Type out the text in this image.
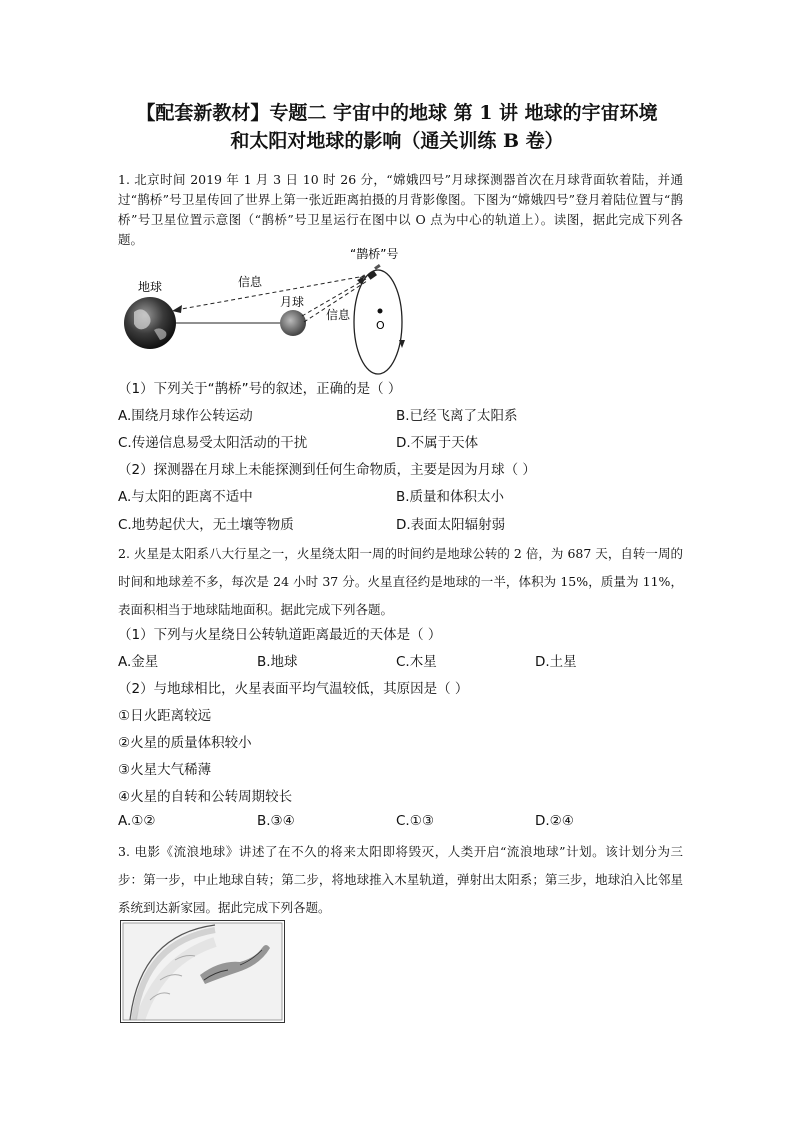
【配套新教材】专题二 宇宙中的地球 第 1 讲 地球的宇宙环境
和太阳对地球的影响（通关训练 B 卷）
1. 北京时间 2019 年 1 月 3 日 10 时 26 分，“嫦娥四号”月球探测器首次在月球背面软着陆，并通过“鹊桥”号卫星传回了世界上第一张近距离拍摄的月背影像图。下图为“嫦娥四号”登月着陆位置与“鹊桥”号卫星位置示意图（“鹊桥”号卫星运行在图中以 O 点为中心的轨道上）。读图，据此完成下列各题。
地球
月球
O
“鹊桥”号
信息
信息
（1）下列关于“鹊桥”号的叙述，正确的是（ ）
A.围绕月球作公转运动	B.已经飞离了太阳系
C.传递信息易受太阳活动的干扰	D.不属于天体
（2）探测器在月球上未能探测到任何生命物质，主要是因为月球（ ）
A.与太阳的距离不适中	B.质量和体积太小
C.地势起伏大，无土壤等物质	D.表面太阳辐射弱
2. 火星是太阳系八大行星之一，火星绕太阳一周的时间约是地球公转的 2 倍，为 687 天，自转一周的时间和地球差不多，每次是 24 小时 37 分。火星直径约是地球的一半，体积为 15%，质量为 11%，表面积相当于地球陆地面积。据此完成下列各题。
（1）下列与火星绕日公转轨道距离最近的天体是（ ）
A.金星	B.地球	C.木星	D.土星
（2）与地球相比，火星表面平均气温较低，其原因是（ ）
①日火距离较远
②火星的质量体积较小
③火星大气稀薄
④火星的自转和公转周期较长
A.①②	B.③④	C.①③	D.②④
3. 电影《流浪地球》讲述了在不久的将来太阳即将毁灭，人类开启“流浪地球”计划。该计划分为三步：第一步，中止地球自转；第二步，将地球推入木星轨道，弹射出太阳系；第三步，地球泊入比邻星系统到达新家园。据此完成下列各题。
